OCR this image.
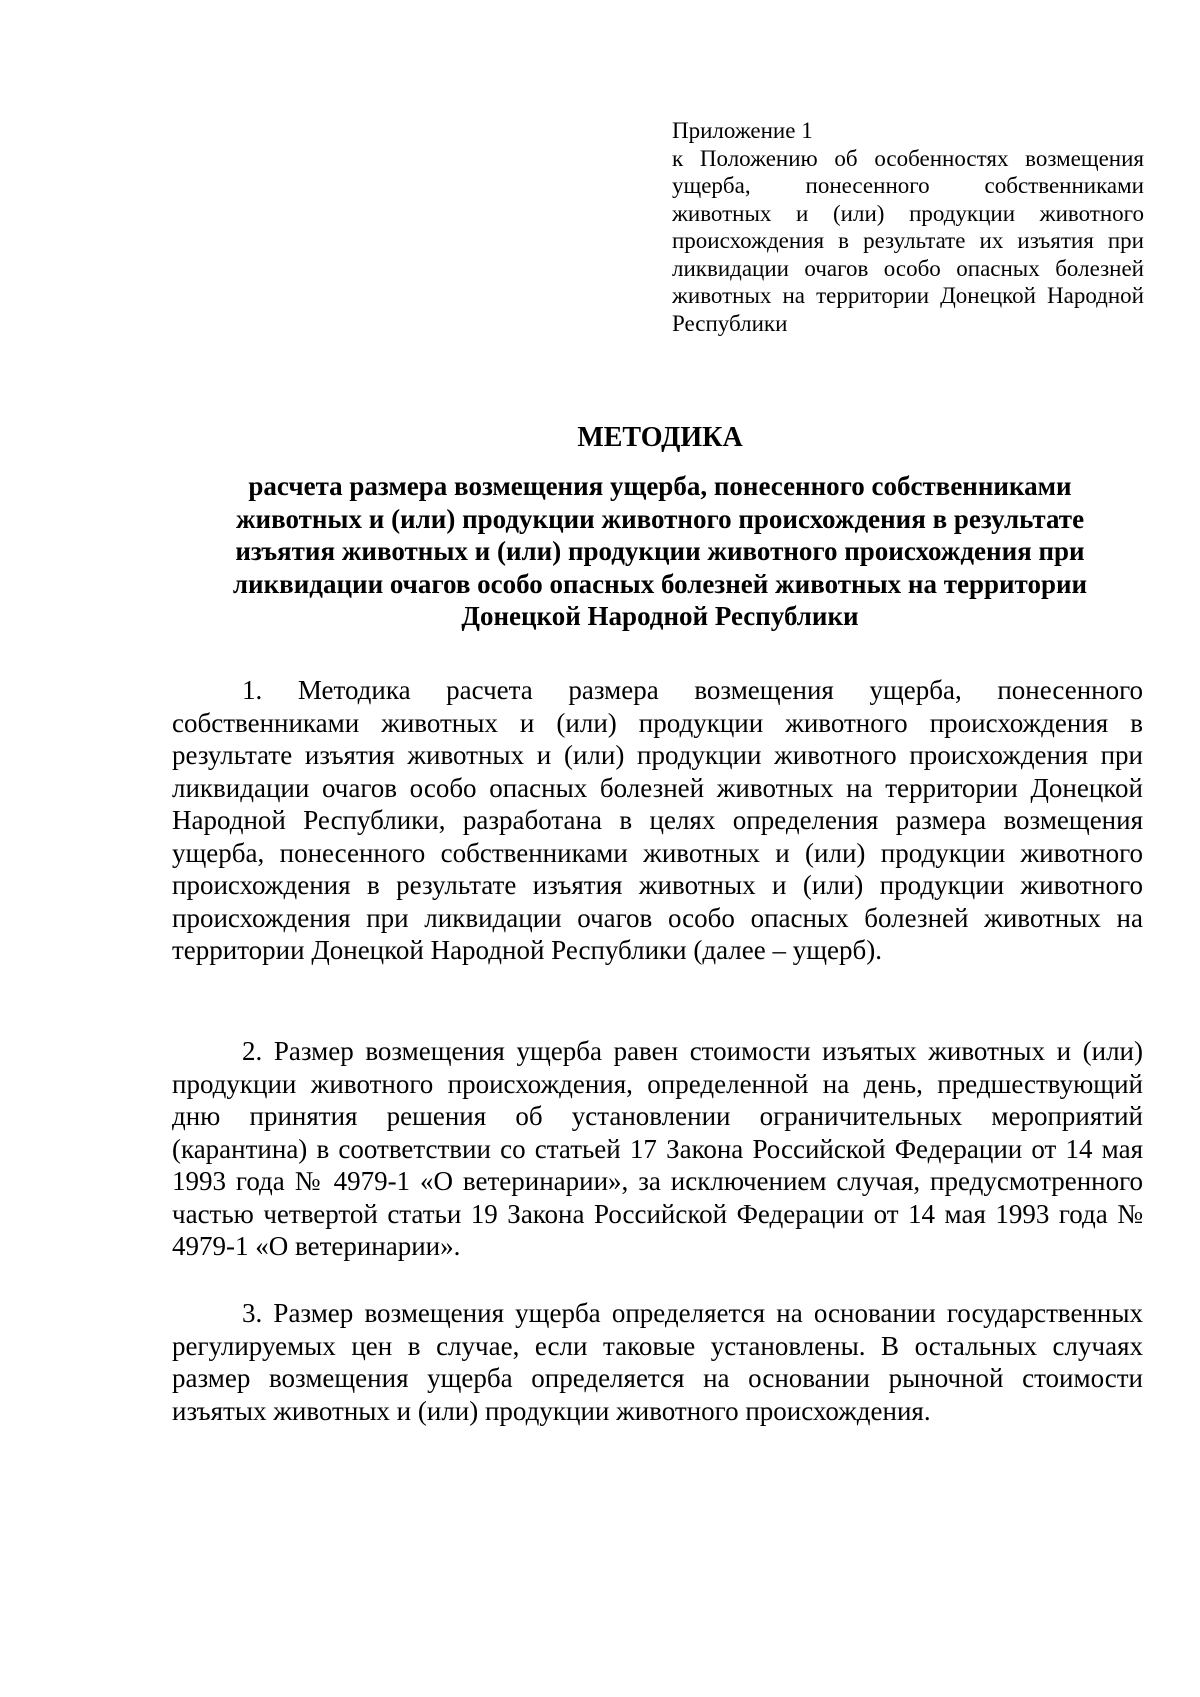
Приложение 1
к Положению об особенностях возмещения ущерба, понесенного собственниками животных и (или) продукции животного происхождения в результате их изъятия при ликвидации очагов особо опасных болезней животных на территории Донецкой Народной Республики
МЕТОДИКА
расчета размера возмещения ущерба, понесенного собственниками животных и (или) продукции животного происхождения в результате изъятия животных и (или) продукции животного происхождения при ликвидации очагов особо опасных болезней животных на территории Донецкой Народной Республики

1. Методика расчета размера возмещения ущерба, понесенного собственниками животных и (или) продукции животного происхождения в результате изъятия животных и (или) продукции животного происхождения при ликвидации очагов особо опасных болезней животных на территории Донецкой Народной Республики, разработана в целях определения размера возмещения ущерба, понесенного собственниками животных и (или) продукции животного происхождения в результате изъятия животных и (или) продукции животного происхождения при ликвидации очагов особо опасных болезней животных на территории Донецкой Народной Республики (далее – ущерб).

2. Размер возмещения ущерба равен стоимости изъятых животных и (или) продукции животного происхождения, определенной на день, предшествующий дню принятия решения об установлении ограничительных мероприятий (карантина) в соответствии со статьей 17 Закона Российской Федерации от 14 мая 1993 года № 4979-1 «О ветеринарии», за исключением случая, предусмотренного частью четвертой статьи 19 Закона Российской Федерации от 14 мая 1993 года № 4979-1 «О ветеринарии».

3. Размер возмещения ущерба определяется на основании государственных регулируемых цен в случае, если таковые установлены. В остальных случаях размер возмещения ущерба определяется на основании рыночной стоимости изъятых животных и (или) продукции животного происхождения.
